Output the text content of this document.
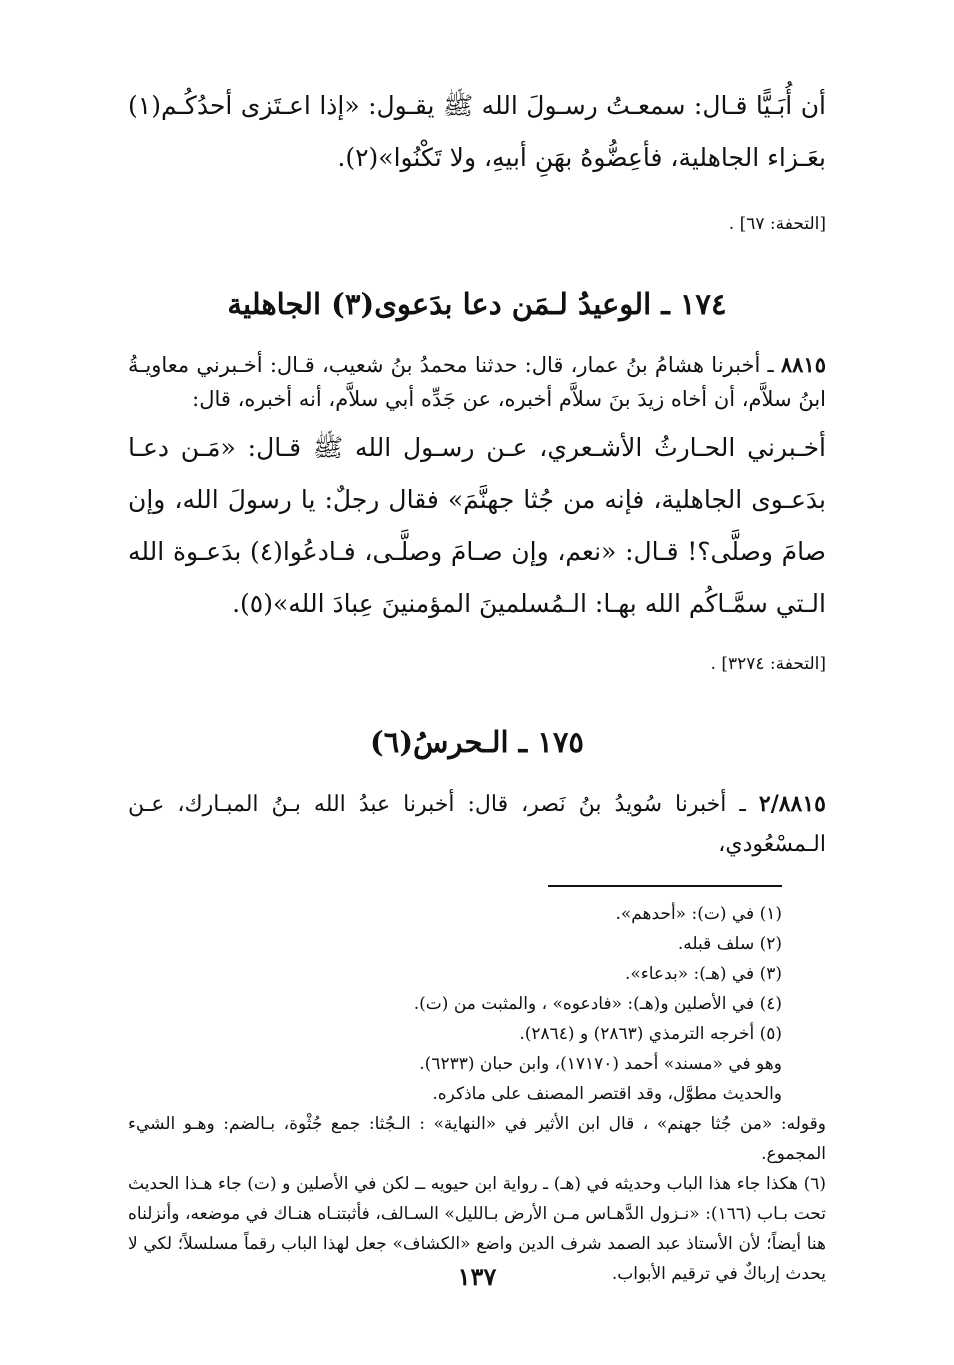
أن أُبَـيًّا قـال: سمعـتُ رسـولَ الله ﷺ يقـول: «إذا اعـتَزى أحدُكُـم(١) بعَـزاء الجاهلية، فأعِضُّوهُ بهَنِ أبيهِ، ولا تَكْنُوا»(٢).

[التحفة: ٦٧] .

١٧٤ ـ الوعيدُ لـمَن دعا بدَعوى(٣) الجاهلية

٨٨١٥ ـ أخبرنا هشامُ بنُ عمار، قال: حدثنا محمدُ بنُ شعيب، قـال: أخـبرني معاويـةُ ابنُ سلاَّم، أن أخاه زيدَ بنَ سلاَّم أخبره، عن جَدِّه أبي سلاَّم، أنه أخبره، قال:

أخـبرني الحـارثُ الأشـعري، عـن رسـول الله ﷺ قـال: «مَـن دعـا بدَعـوى الجاهلية، فإنه من جُثا جهنَّمَ» فقال رجلٌ: يا رسولَ الله، وإن صامَ وصلَّى؟! قـال: «نعم، وإن صـامَ وصلَّـى، فـادعُوا(٤) بدَعـوة الله الـتي سمَّـاكُم الله بهـا: الـمُسلمينَ المؤمنينَ عِبادَ الله»(٥).

[التحفة: ٣٢٧٤] .

١٧٥ ـ الـحرسُ(٦)

٢/٨٨١٥ ـ أخبرنا سُويدُ بنُ نَصر، قال: أخبرنا عبدُ الله بـنُ المبـارك، عـن الـمسْعُودي،

(١) في (ت): «أحدهم».

(٢) سلف قبله.

(٣) في (هـ): «بدعاء».

(٤) في الأصلين و(هـ): «فادعوه» ، والمثبت من (ت).

(٥) أخرجه الترمذي (٢٨٦٣) و (٢٨٦٤).

وهو في «مسند» أحمد (١٧١٧٠)، وابن حبان (٦٢٣٣).

والحديث مطوَّل، وقد اقتصر المصنف على ماذكره.

وقوله: «من جُثا جهنم» ، قال ابن الأثير في «النهاية» : الـجُثا: جمع جُثْوة، بـالضم: وهـو الشيء المجموع.

(٦) هكذا جاء هذا الباب وحديثه في (هـ) ـ رواية ابن حيويه ــ لكن في الأصلين و (ت) جاء هـذا الحديث تحت بـاب (١٦٦): «نـزول الدَّهـاس مـن الأرض بـالليل» السـالف، فأثبتنـاه هنـاك في موضعه، وأنزلناه هنا أيضاً؛ لأن الأستاذ عبد الصمد شرف الدين واضع «الكشاف» جعل لهذا الباب رقماً مسلسلاً؛ لكي لا يحدث إرباكٌ في ترقيم الأبواب.

١٣٧
